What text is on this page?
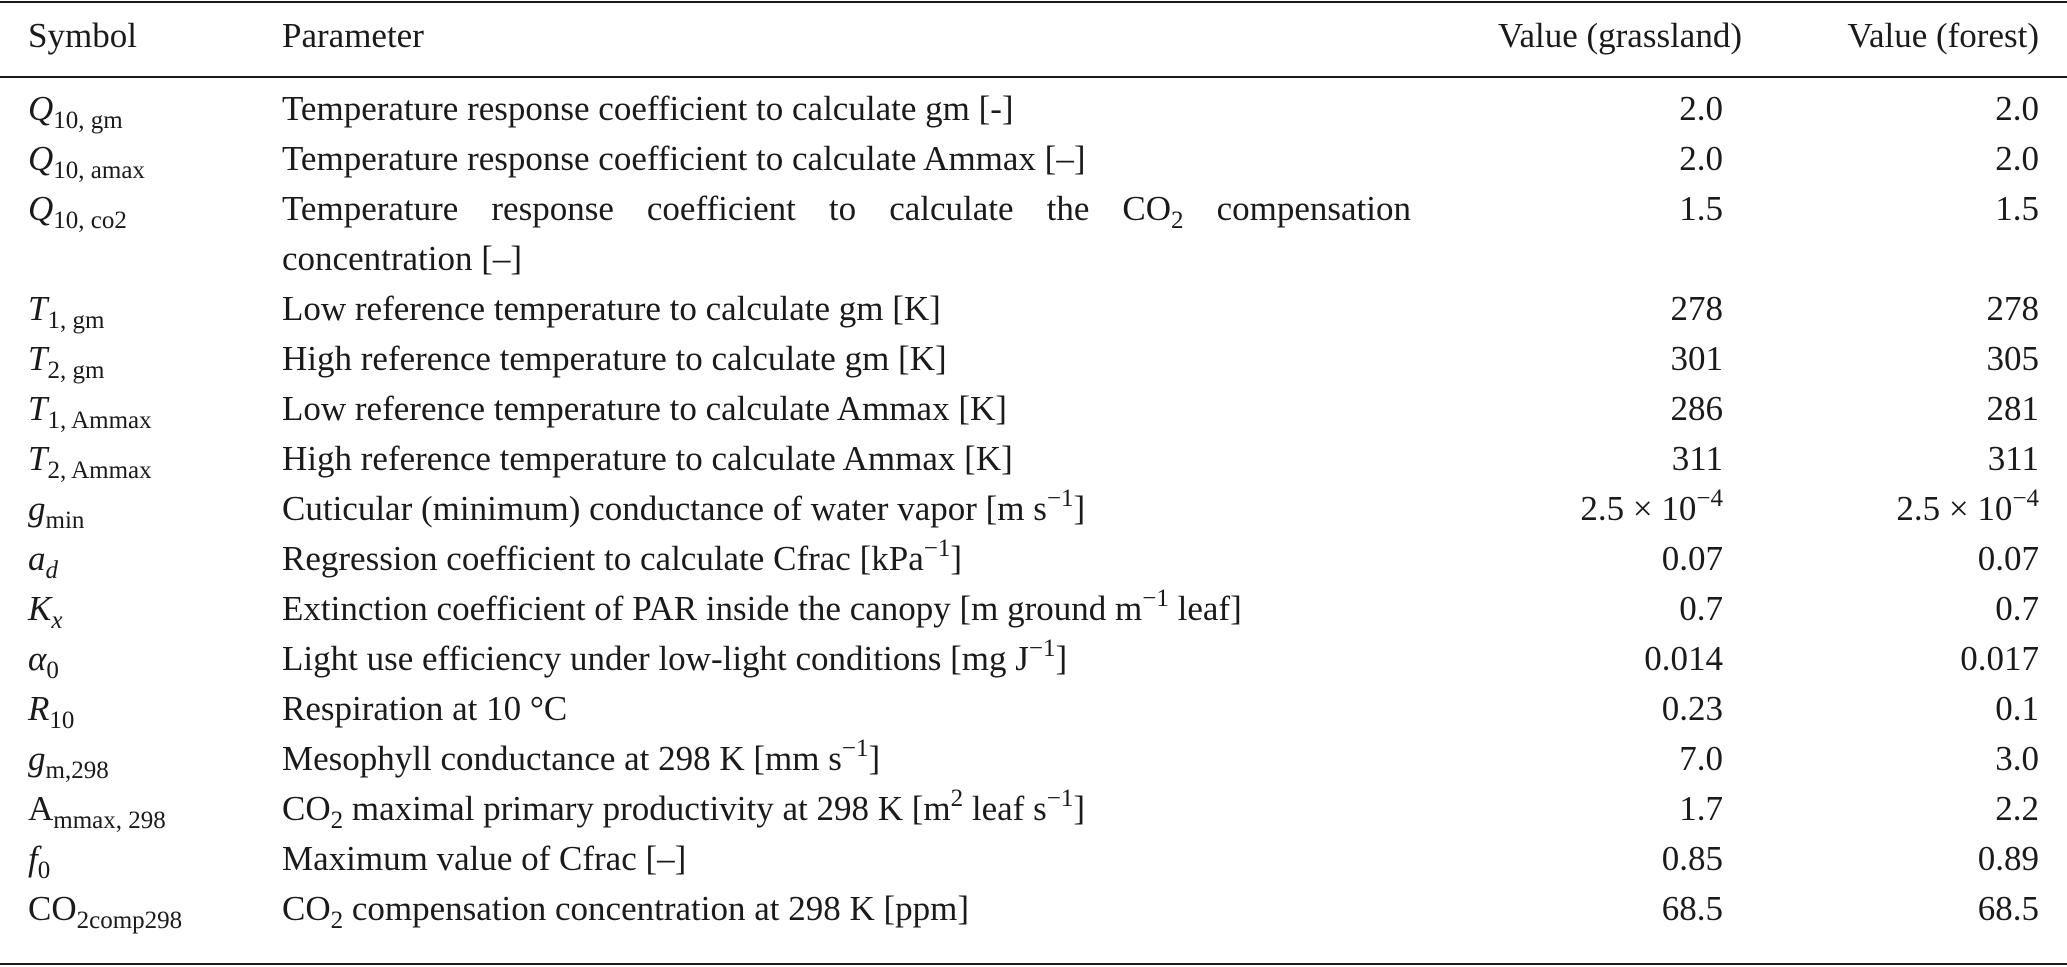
Symbol	Parameter	Value (grassland)	Value (forest)
$Q_{10, gm}$	Temperature response coefficient to calculate gm [-]	2.0	2.0
$Q_{10, amax}$	Temperature response coefficient to calculate Ammax [–]	2.0	2.0
$Q_{10, co2}$	Temperature response coefficient to calculate the $CO_2$ compensation concentration [–]	1.5	1.5
$T_{1, gm}$	Low reference temperature to calculate gm [K]	278	278
$T_{2, gm}$	High reference temperature to calculate gm [K]	301	305
$T_{1, Ammax}$	Low reference temperature to calculate Ammax [K]	286	281
$T_{2, Ammax}$	High reference temperature to calculate Ammax [K]	311	311
$g_{min}$	Cuticular (minimum) conductance of water vapor [m $s^{-1}$]	$2.5 \times 10^{-4}$	$2.5 \times 10^{-4}$
$a_d$	Regression coefficient to calculate Cfrac [kPa$^{-1}$]	0.07	0.07
$K_x$	Extinction coefficient of PAR inside the canopy [m ground $m^{-1}$ leaf]	0.7	0.7
$\alpha_0$	Light use efficiency under low-light conditions [mg $J^{-1}$]	0.014	0.017
$R_{10}$	Respiration at 10 °C	0.23	0.1
$g_{m,298}$	Mesophyll conductance at 298 K [mm $s^{-1}$]	7.0	3.0
$A_{mmax, 298}$	$CO_2$ maximal primary productivity at 298 K [$m^2$ leaf $s^{-1}$]	1.7	2.2
$f_0$	Maximum value of Cfrac [–]	0.85	0.89
$CO_{2comp298}$	$CO_2$ compensation concentration at 298 K [ppm]	68.5	68.5
